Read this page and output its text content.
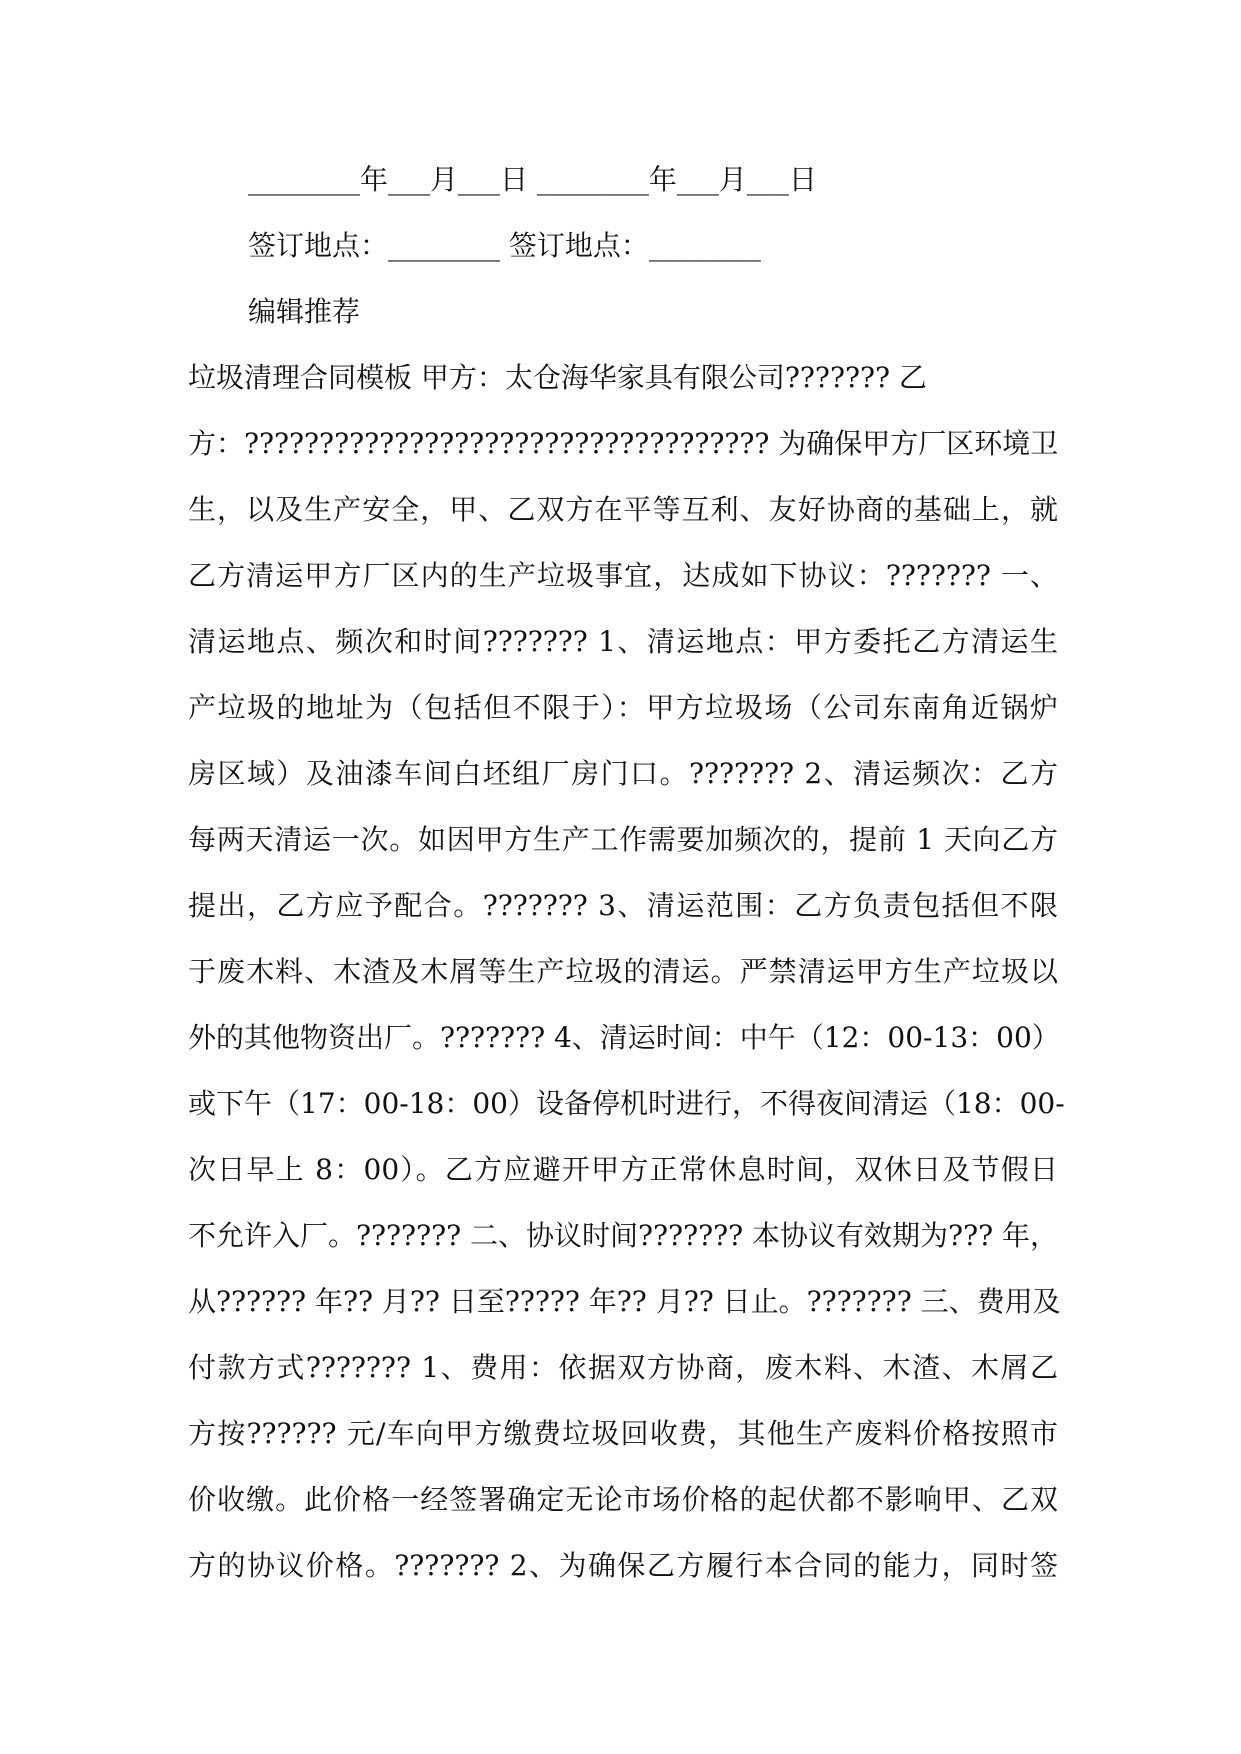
________年___月___日 ________年___月___日
签订地点：________ 签订地点：________
编辑推荐
垃圾清理合同模板 甲方：太仓海华家具有限公司??????? 乙
方：??????????????????????????????????? 为确保甲方厂区环境卫
生，以及生产安全，甲、乙双方在平等互利、友好协商的基础上，就
乙方清运甲方厂区内的生产垃圾事宜，达成如下协议：??????? 一、
清运地点、频次和时间??????? 1、清运地点：甲方委托乙方清运生
产垃圾的地址为（包括但不限于）：甲方垃圾场（公司东南角近锅炉
房区域）及油漆车间白坯组厂房门口。??????? 2、清运频次：乙方
每两天清运一次。如因甲方生产工作需要加频次的，提前 1 天向乙方
提出，乙方应予配合。??????? 3、清运范围：乙方负责包括但不限
于废木料、木渣及木屑等生产垃圾的清运。严禁清运甲方生产垃圾以
外的其他物资出厂。??????? 4、清运时间：中午（12：00-13：00）
或下午（17：00-18：00）设备停机时进行，不得夜间清运（18：00-
次日早上 8：00）。乙方应避开甲方正常休息时间，双休日及节假日
不允许入厂。??????? 二、协议时间??????? 本协议有效期为??? 年，
从?????? 年?? 月?? 日至????? 年?? 月?? 日止。??????? 三、费用及
付款方式??????? 1、费用：依据双方协商，废木料、木渣、木屑乙
方按?????? 元/车向甲方缴费垃圾回收费，其他生产废料价格按照市
价收缴。此价格一经签署确定无论市场价格的起伏都不影响甲、乙双
方的协议价格。??????? 2、为确保乙方履行本合同的能力，同时签
